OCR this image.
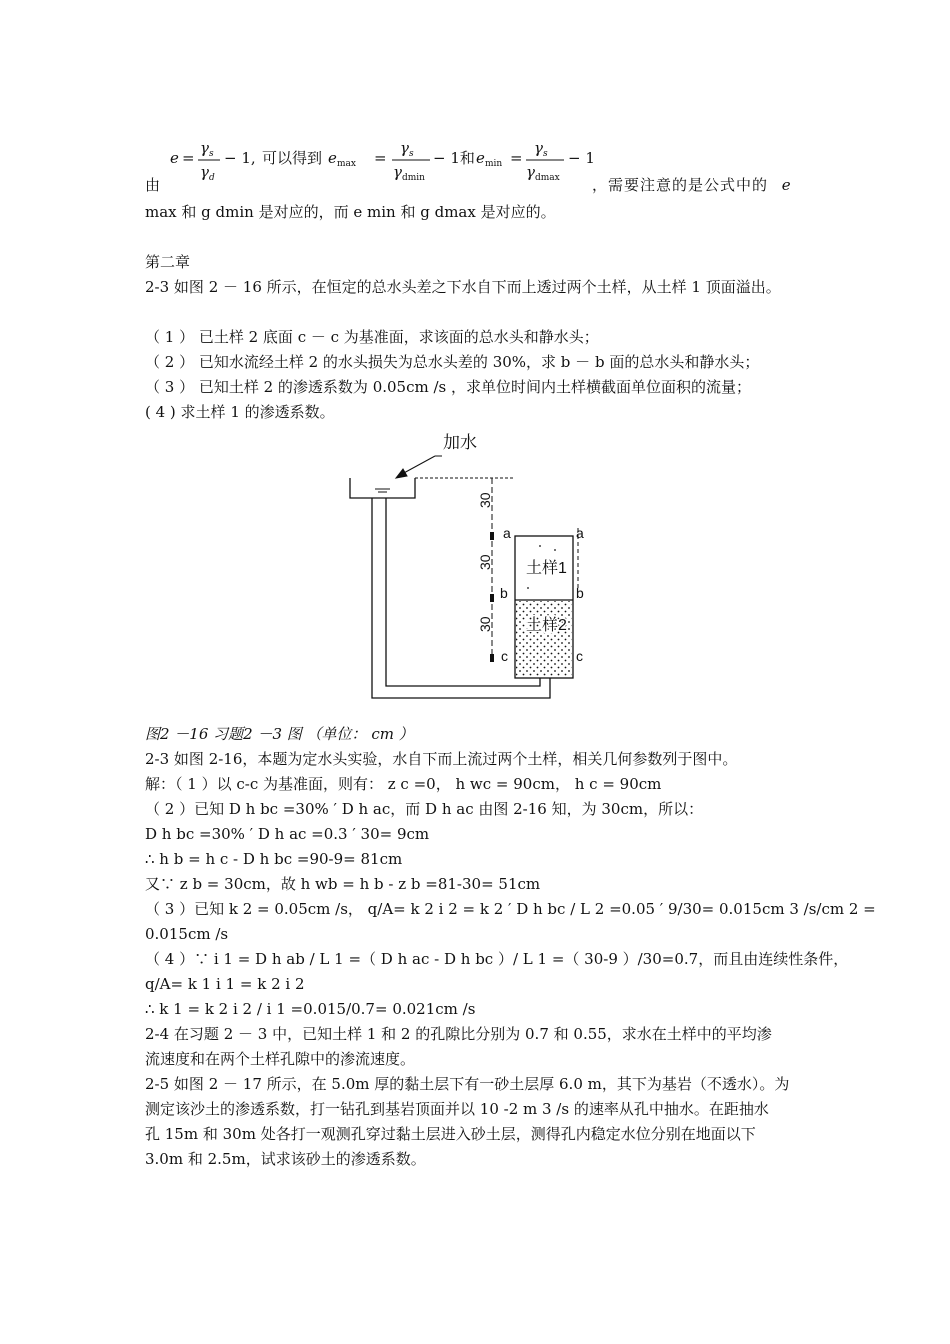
e =
γ s
γ d
− 1, 可以得到 e max =
γ s
γ dmin
− 1和 e min =
γ s
γ dmax
− 1
由	，需要注意的是公式中的 e
max 和 g dmin 是对应的，而 e min 和 g dmax 是对应的。
第二章
2-3 如图 2 － 16 所示，在恒定的总水头差之下水自下而上透过两个土样，从土样 1 顶面溢出。
（ 1 ） 已土样 2 底面 c － c 为基准面，求该面的总水头和静水头；
（ 2 ） 已知水流经土样 2 的水头损失为总水头差的 30%，求 b － b 面的总水头和静水头；
（ 3 ） 已知土样 2 的渗透系数为 0.05cm /s ，求单位时间内土样横截面单位面积的流量；
( 4 ) 求土样 1 的渗透系数。
加水
30
30
30
a	a
b	b
c	c
土样1
土样2
图2 －16 习题2 －3 图 （单位： cm ）
2-3 如图 2-16，本题为定水头实验，水自下而上流过两个土样，相关几何参数列于图中。
解：（ 1 ）以 c-c 为基准面，则有： z c =0， h wc = 90cm， h c = 90cm
（ 2 ）已知 D h bc =30% ′ D h ac，而 D h ac 由图 2-16 知，为 30cm，所以：
D h bc =30% ′ D h ac =0.3 ′ 30= 9cm
∴ h b = h c - D h bc =90-9= 81cm
又∵ z b = 30cm，故 h wb = h b - z b =81-30= 51cm
（ 3 ）已知 k 2 = 0.05cm /s， q/A= k 2 i 2 = k 2 ′ D h bc / L 2 =0.05 ′ 9/30= 0.015cm 3 /s/cm 2 =
0.015cm /s
（ 4 ）∵ i 1 = D h ab / L 1 =（ D h ac - D h bc ）/ L 1 =（ 30-9 ）/30=0.7，而且由连续性条件，
q/A= k 1 i 1 = k 2 i 2
∴ k 1 = k 2 i 2 / i 1 =0.015/0.7= 0.021cm /s
2-4 在习题 2 － 3 中，已知土样 1 和 2 的孔隙比分别为 0.7 和 0.55，求水在土样中的平均渗
流速度和在两个土样孔隙中的渗流速度。
2-5 如图 2 － 17 所示，在 5.0m 厚的黏土层下有一砂土层厚 6.0 m，其下为基岩（不透水）。为
测定该沙土的渗透系数，打一钻孔到基岩顶面并以 10 -2 m 3 /s 的速率从孔中抽水。在距抽水
孔 15m 和 30m 处各打一观测孔穿过黏土层进入砂土层，测得孔内稳定水位分别在地面以下
3.0m 和 2.5m，试求该砂土的渗透系数。
